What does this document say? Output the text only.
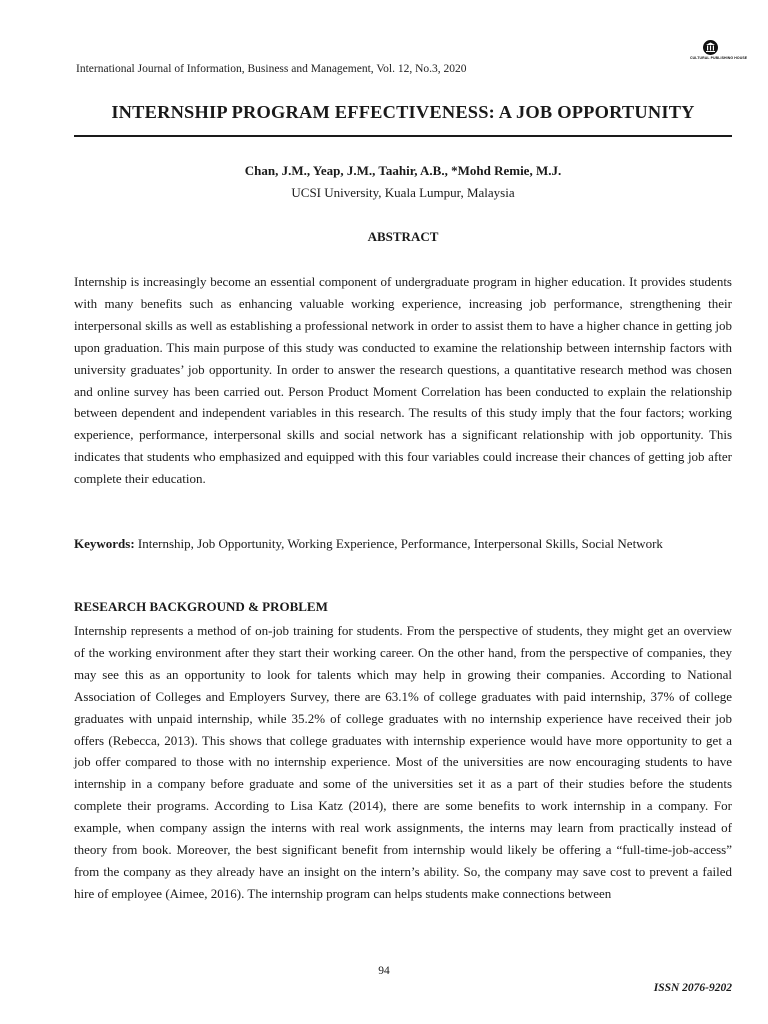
International Journal of Information, Business and Management, Vol. 12, No.3, 2020
CULTURAL PUBLISHING HOUSE
INTERNSHIP PROGRAM EFFECTIVENESS: A JOB OPPORTUNITY
Chan, J.M., Yeap, J.M., Taahir, A.B., *Mohd Remie, M.J.
UCSI University, Kuala Lumpur, Malaysia
ABSTRACT

Internship is increasingly become an essential component of undergraduate program in higher education. It provides students with many benefits such as enhancing valuable working experience, increasing job performance, strengthening their interpersonal skills as well as establishing a professional network in order to assist them to have a higher chance in getting job upon graduation. This main purpose of this study was conducted to examine the relationship between internship factors with university graduates’ job opportunity. In order to answer the research questions, a quantitative research method was chosen and online survey has been carried out. Person Product Moment Correlation has been conducted to explain the relationship between dependent and independent variables in this research. The results of this study imply that the four factors; working experience, performance, interpersonal skills and social network has a significant relationship with job opportunity. This indicates that students who emphasized and equipped with this four variables could increase their chances of getting job after complete their education.

Keywords: Internship, Job Opportunity, Working Experience, Performance, Interpersonal Skills, Social Network

RESEARCH BACKGROUND & PROBLEM

Internship represents a method of on-job training for students. From the perspective of students, they might get an overview of the working environment after they start their working career. On the other hand, from the perspective of companies, they may see this as an opportunity to look for talents which may help in growing their companies. According to National Association of Colleges and Employers Survey, there are 63.1% of college graduates with paid internship, 37% of college graduates with unpaid internship, while 35.2% of college graduates with no internship experience have received their job offers (Rebecca, 2013). This shows that college graduates with internship experience would have more opportunity to get a job offer compared to those with no internship experience. Most of the universities are now encouraging students to have internship in a company before graduate and some of the universities set it as a part of their studies before the students complete their programs. According to Lisa Katz (2014), there are some benefits to work internship in a company. For example, when company assign the interns with real work assignments, the interns may learn from practically instead of theory from book. Moreover, the best significant benefit from internship would likely be offering a “full-time-job-access” from the company as they already have an insight on the intern’s ability. So, the company may save cost to prevent a failed hire of employee (Aimee, 2016). The internship program can helps students make connections between

94
ISSN 2076-9202
